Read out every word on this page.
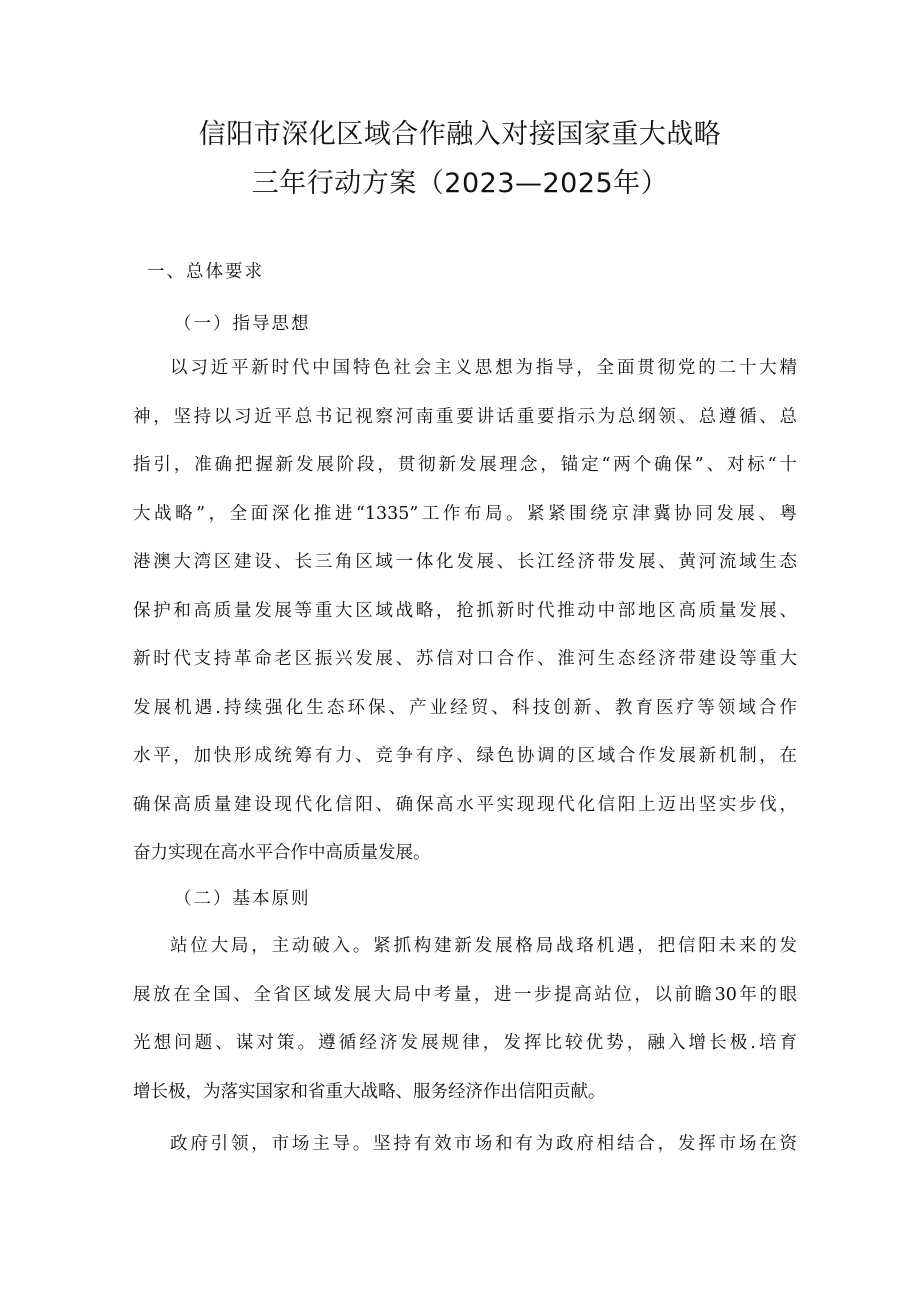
信阳市深化区域合作融入对接国家重大战略
三年行动方案（2023—2025年）
一、总体要求
（一）指导思想
以习近平新时代中国特色社会主义思想为指导，全面贯彻党的二十大精
神，坚持以习近平总书记视察河南重要讲话重要指示为总纲领、总遵循、总
指引，准确把握新发展阶段，贯彻新发展理念，锚定“两个确保”、对标“十
大战略”，全面深化推进“1335”工作布局。紧紧围绕京津冀协同发展、粤
港澳大湾区建设、长三角区域一体化发展、长江经济带发展、黄河流域生态
保护和高质量发展等重大区域战略，抢抓新时代推动中部地区高质量发展、
新时代支持革命老区振兴发展、苏信对口合作、淮河生态经济带建设等重大
发展机遇.持续强化生态环保、产业经贸、科技创新、教育医疗等领域合作
水平，加快形成统筹有力、竞争有序、绿色协调的区域合作发展新机制，在
确保高质量建设现代化信阳、确保高水平实现现代化信阳上迈出坚实步伐，
奋力实现在高水平合作中高质量发展。
（二）基本原则
站位大局，主动破入。紧抓构建新发展格局战珞机遇，把信阳未来的发
展放在全国、全省区域发展大局中考量，进一步提高站位，以前瞻30年的眼
光想问题、谋对策。遵循经济发展规律，发挥比较优势，融入增长极.培育
增长极，为落实国家和省重大战略、服务经济作出信阳贡献。
政府引领，市场主导。坚持有效市场和有为政府相结合，发挥市场在资
